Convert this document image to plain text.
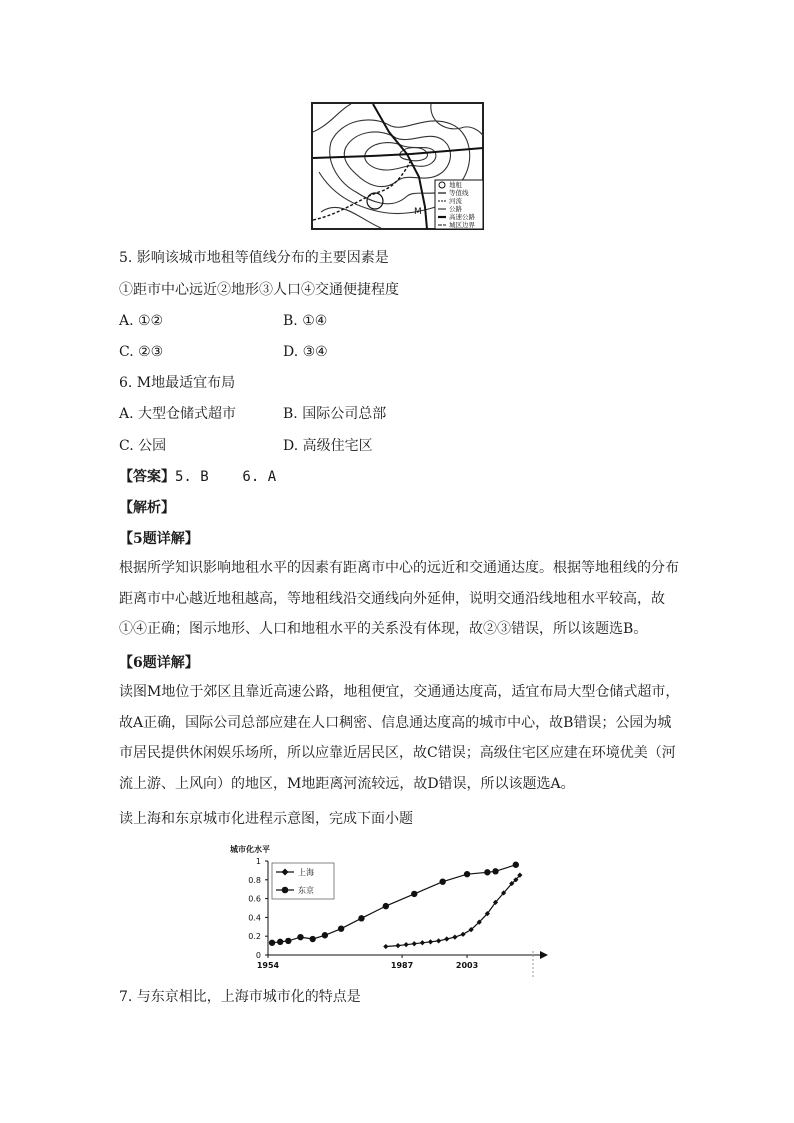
M
地租
等值线
河流
公路
高速公路
城区边界
5. 影响该城市地租等值线分布的主要因素是
①距市中心远近②地形③人口④交通便捷程度
A. ①②	B. ①④
C. ②③	D. ③④
6. M地最适宜布局
A. 大型仓储式超市	B. 国际公司总部
C. 公园	D. 高级住宅区
【答案】5. B    6. A
【解析】
【5题详解】
根据所学知识影响地租水平的因素有距离市中心的远近和交通通达度。根据等地租线的分布距离市中心越近地租越高，等地租线沿交通线向外延伸，说明交通沿线地租水平较高，故①④正确；图示地形、人口和地租水平的关系没有体现，故②③错误，所以该题选B。
【6题详解】
读图M地位于郊区且靠近高速公路，地租便宜，交通通达度高，适宜布局大型仓储式超市，故A正确，国际公司总部应建在人口稠密、信息通达度高的城市中心，故B错误；公园为城市居民提供休闲娱乐场所，所以应靠近居民区，故C错误；高级住宅区应建在环境优美（河流上游、上风向）的地区，M地距离河流较远，故D错误，所以该题选A。
读上海和东京城市化进程示意图，完成下面小题
城市化水平
0
0.2
0.4
0.6
0.8
1
1954	1987	2003
上海
东京
7. 与东京相比，上海市城市化的特点是
